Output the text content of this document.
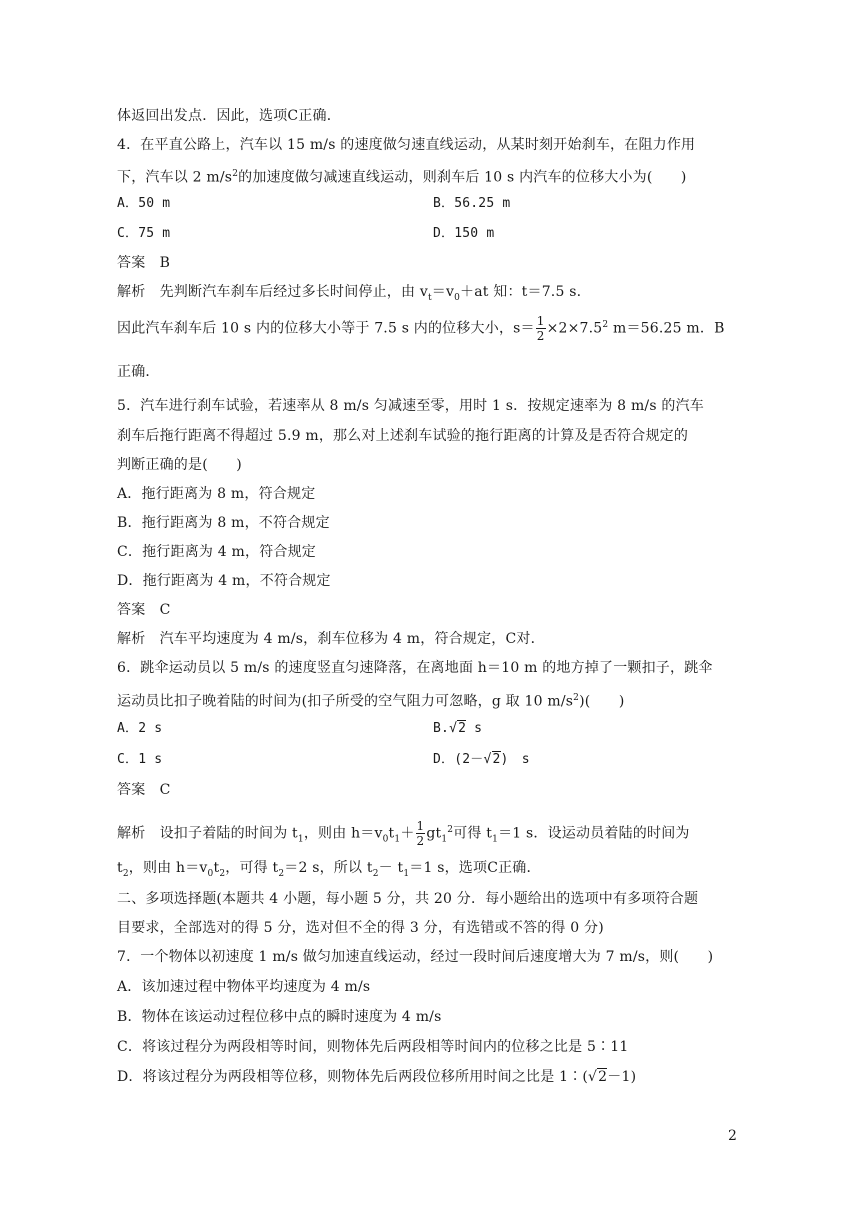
体返回出发点．因此，选项C正确．
4．在平直公路上，汽车以 15 m/s 的速度做匀速直线运动，从某时刻开始刹车，在阻力作用
下，汽车以 2 $m/s^2$的加速度做匀减速直线运动，则刹车后 10 s 内汽车的位移大小为(　　)
A．50 m	B．56.25 m
C．75 m	D．150 m
答案　B
解析　先判断汽车刹车后经过多长时间停止，由 $v_t=v_0+at$ 知：t＝7.5 s.
因此汽车刹车后 10 s 内的位移大小等于 7.5 s 内的位移大小，$s= \frac{1}{2} \times 2\times 7.5^2$ m＝56.25 m．B
正确．
5．汽车进行刹车试验，若速率从 8 m/s 匀减速至零，用时 1 s．按规定速率为 8 m/s 的汽车
刹车后拖行距离不得超过 5.9 m，那么对上述刹车试验的拖行距离的计算及是否符合规定的
判断正确的是(　　)
A．拖行距离为 8 m，符合规定
B．拖行距离为 8 m，不符合规定
C．拖行距离为 4 m，符合规定
D．拖行距离为 4 m，不符合规定
答案　C
解析　汽车平均速度为 4 m/s，刹车位移为 4 m，符合规定，C对．
6．跳伞运动员以 5 m/s 的速度竖直匀速降落，在离地面 h＝10 m 的地方掉了一颗扣子，跳伞
运动员比扣子晚着陆的时间为(扣子所受的空气阻力可忽略，g 取 10 $m/s^2$)(　　)
A．2 s	B.√2 s
C．1 s	D．(2－√2)　s
答案　C
解析　设扣子着陆的时间为 $t_1$，则由 $h=v_0t_1+ \frac{1}{2} gt_1^2$可得 $t_1=1$ s．设运动员着陆的时间为
$t_2$，则由 $h=v_0t_2$，可得 $t_2=2$ s，所以 $t_2- t_1=1$ s，选项C正确．
二、多项选择题(本题共 4 小题，每小题 5 分，共 20 分．每小题给出的选项中有多项符合题
目要求，全部选对的得 5 分，选对但不全的得 3 分，有选错或不答的得 0 分)
7．一个物体以初速度 1 m/s 做匀加速直线运动，经过一段时间后速度增大为 7 m/s，则(　　)
A．该加速过程中物体平均速度为 4 m/s
B．物体在该运动过程位移中点的瞬时速度为 4 m/s
C．将该过程分为两段相等时间，则物体先后两段相等时间内的位移之比是 5∶11
D．将该过程分为两段相等位移，则物体先后两段位移所用时间之比是 1∶(√2－1)
2
